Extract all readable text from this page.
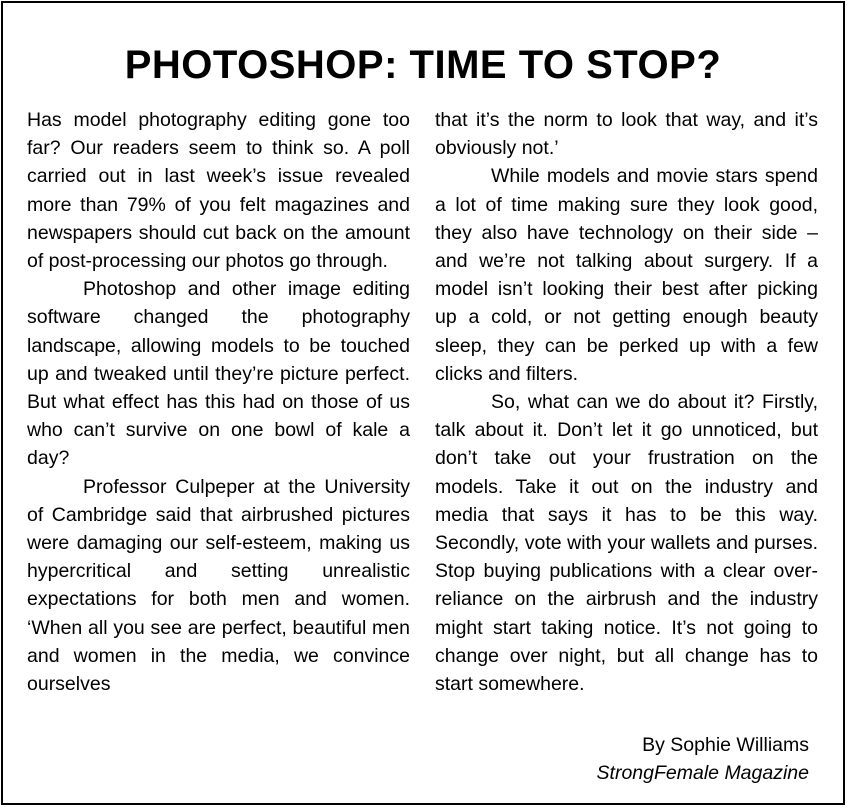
PHOTOSHOP: TIME TO STOP?

Has model photography editing gone too far? Our readers seem to think so. A poll carried out in last week’s issue revealed more than 79% of you felt magazines and newspapers should cut back on the amount of post-processing our photos go through.

Photoshop and other image editing software changed the photography landscape, allowing models to be touched up and tweaked until they’re picture perfect. But what effect has this had on those of us who can’t survive on one bowl of kale a day?

Professor Culpeper at the University of Cambridge said that airbrushed pictures were damaging our self-esteem, making us hypercritical and setting unrealistic expectations for both men and women. ‘When all you see are perfect, beautiful men and women in the media, we convince ourselves

that it’s the norm to look that way, and it’s obviously not.’

While models and movie stars spend a lot of time making sure they look good, they also have technology on their side – and we’re not talking about surgery. If a model isn’t looking their best after picking up a cold, or not getting enough beauty sleep, they can be perked up with a few clicks and filters.

So, what can we do about it? Firstly, talk about it. Don’t let it go unnoticed, but don’t take out your frustration on the models. Take it out on the industry and media that says it has to be this way. Secondly, vote with your wallets and purses. Stop buying publications with a clear over-reliance on the airbrush and the industry might start taking notice. It’s not going to change over night, but all change has to start somewhere.

By Sophie Williams
StrongFemale Magazine
